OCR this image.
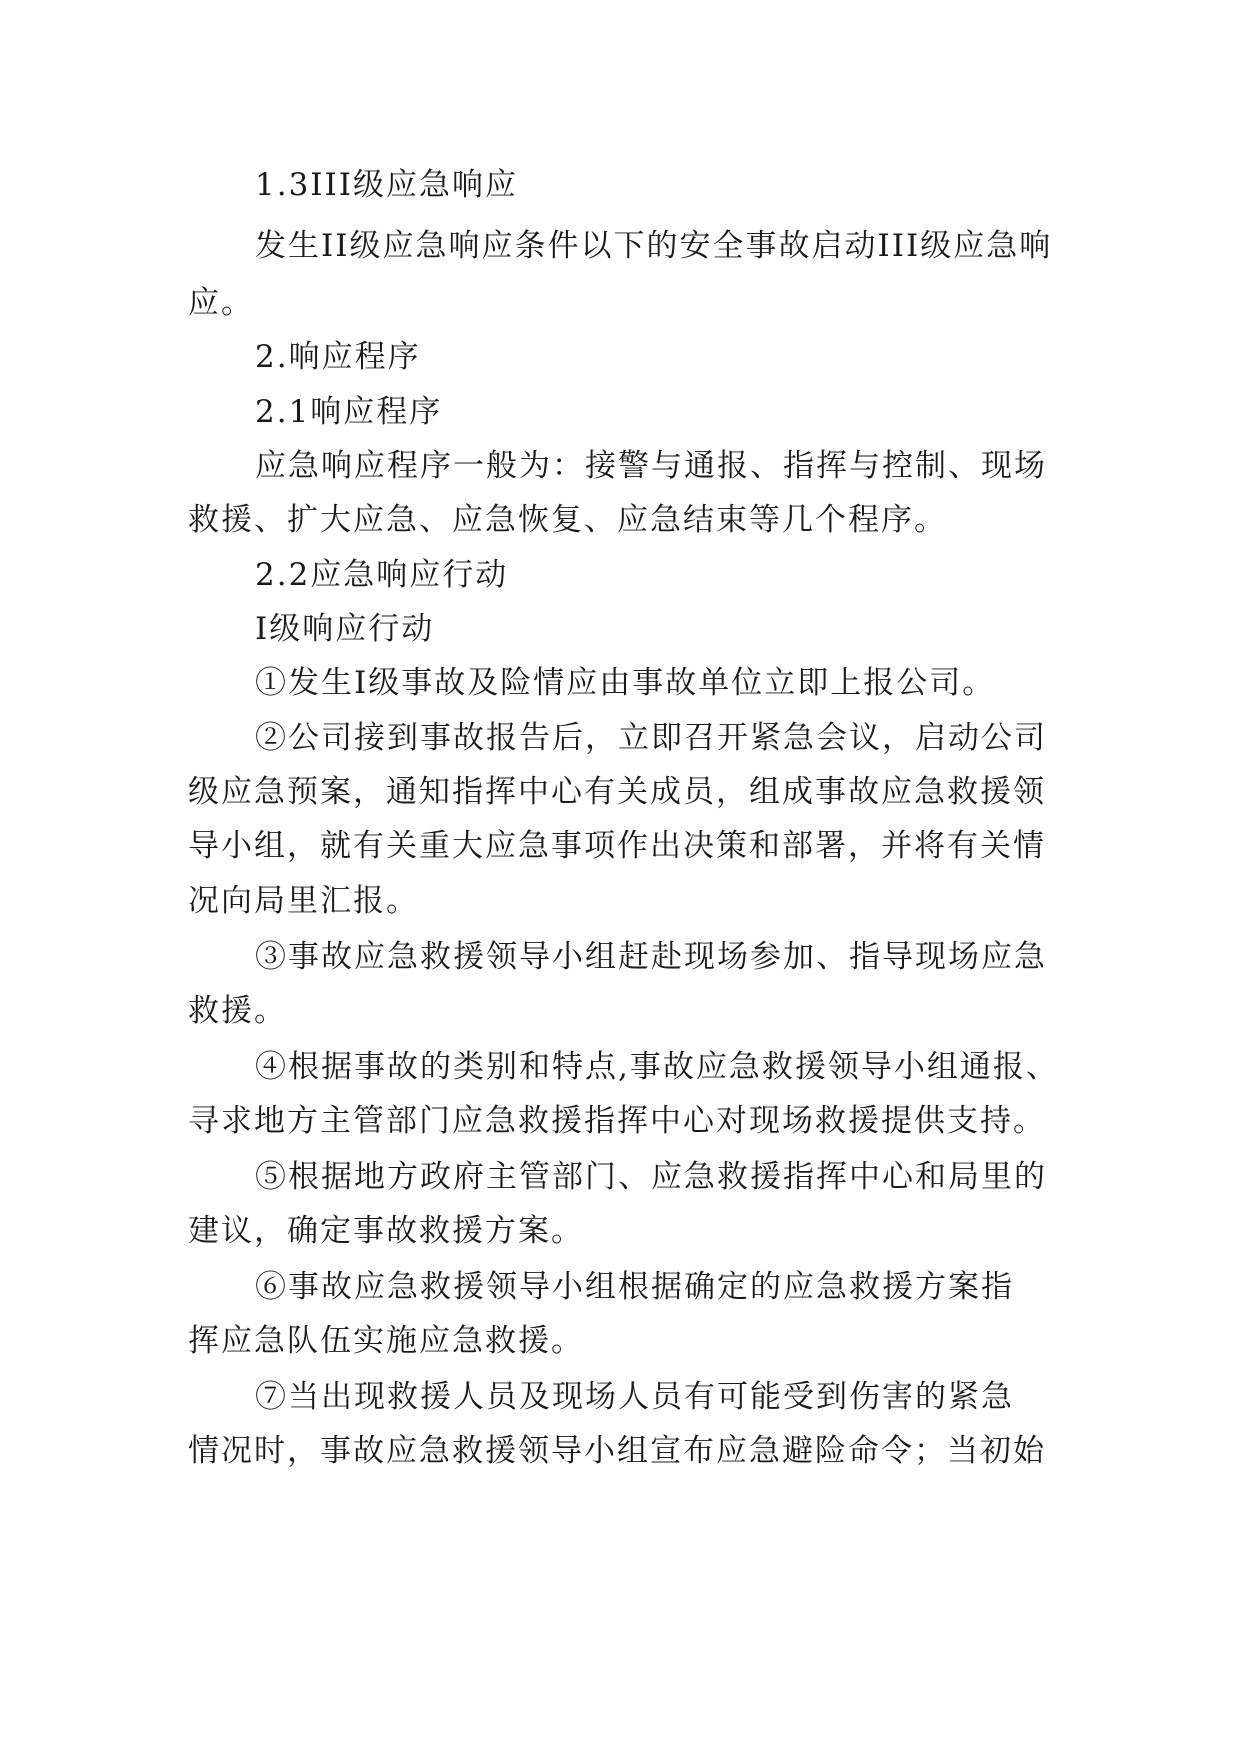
1.3III级应急响应
发生II级应急响应条件以下的安全事故启动III级应急响
应。
2.响应程序
2.1响应程序
应急响应程序一般为：接警与通报、指挥与控制、现场
救援、扩大应急、应急恢复、应急结束等几个程序。
2.2应急响应行动
I级响应行动
①发生I级事故及险情应由事故单位立即上报公司。
②公司接到事故报告后，立即召开紧急会议，启动公司
级应急预案，通知指挥中心有关成员，组成事故应急救援领
导小组，就有关重大应急事项作出决策和部署，并将有关情
况向局里汇报。
③事故应急救援领导小组赶赴现场参加、指导现场应急
救援。
④根据事故的类别和特点,事故应急救援领导小组通报、
寻求地方主管部门应急救援指挥中心对现场救援提供支持。
⑤根据地方政府主管部门、应急救援指挥中心和局里的
建议，确定事故救援方案。
⑥事故应急救援领导小组根据确定的应急救援方案指
挥应急队伍实施应急救援。
⑦当出现救援人员及现场人员有可能受到伤害的紧急
情况时，事故应急救援领导小组宣布应急避险命令；当初始
